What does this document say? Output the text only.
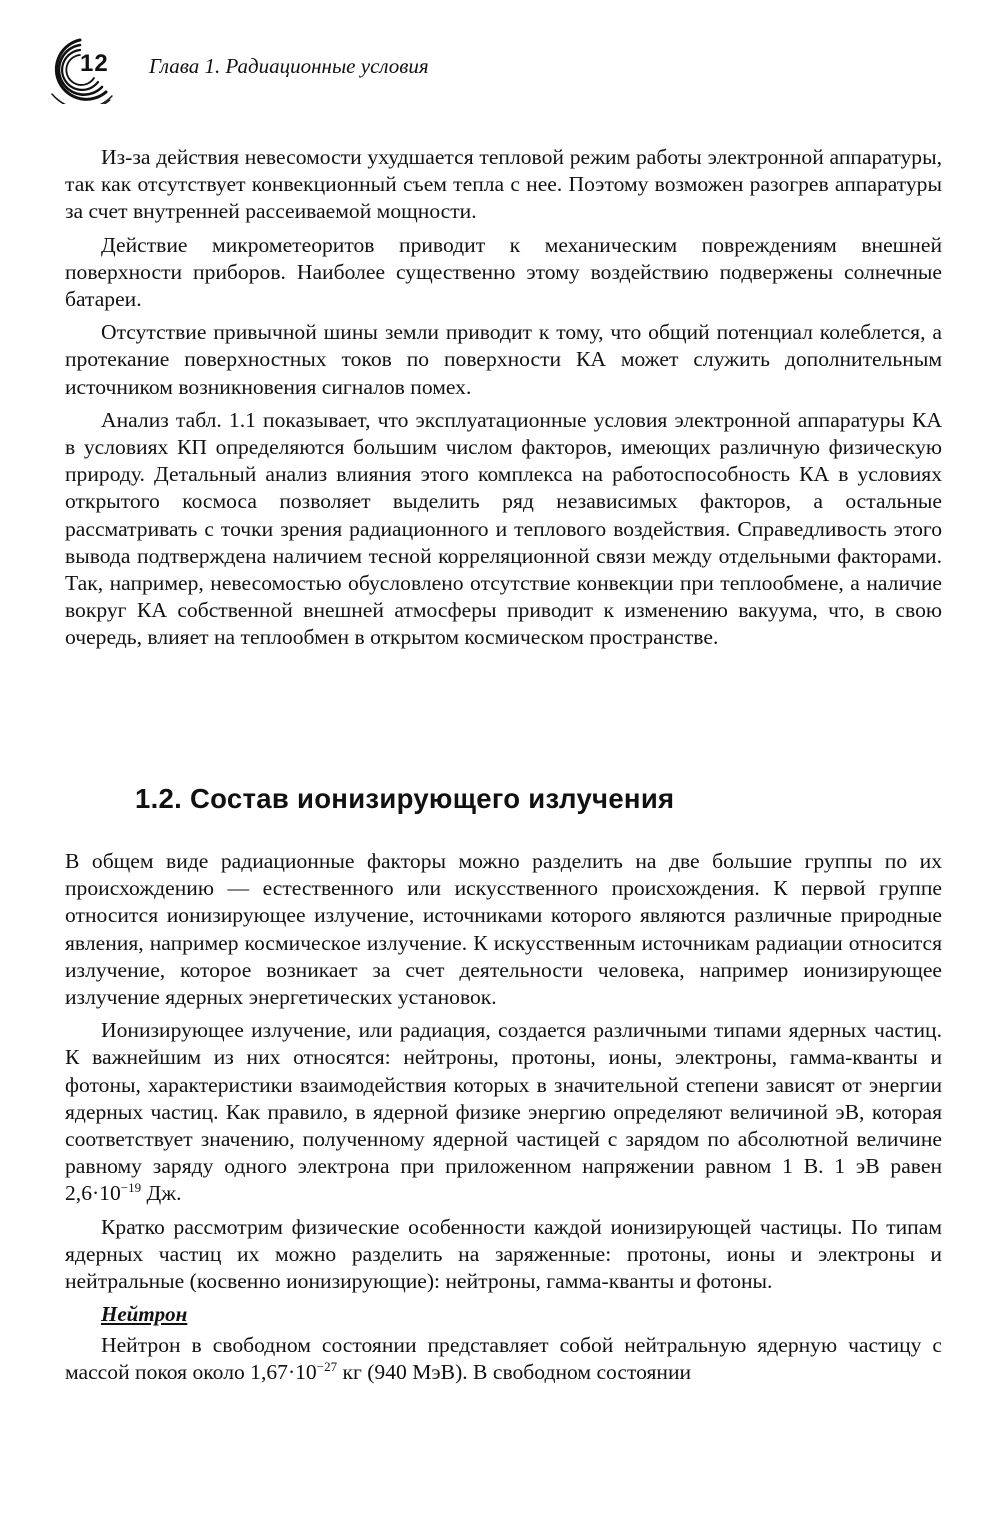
12 Глава 1. Радиационные условия

Из-за действия невесомости ухудшается тепловой режим работы электронной аппаратуры, так как отсутствует конвекционный съем тепла с нее. Поэтому возможен разогрев аппаратуры за счет внутренней рассеиваемой мощности.

Действие микрометеоритов приводит к механическим повреждениям внешней поверхности приборов. Наиболее существенно этому воздействию подвержены солнечные батареи.

Отсутствие привычной шины земли приводит к тому, что общий потенциал колеблется, а протекание поверхностных токов по поверхности КА может служить дополнительным источником возникновения сигналов помех.

Анализ табл. 1.1 показывает, что эксплуатационные условия электронной аппаратуры КА в условиях КП определяются большим числом факторов, имеющих различную физическую природу. Детальный анализ влияния этого комплекса на работоспособность КА в условиях открытого космоса позволяет выделить ряд независимых факторов, а остальные рассматривать с точки зрения радиационного и теплового воздействия. Справедливость этого вывода подтверждена наличием тесной корреляционной связи между отдельными факторами. Так, например, невесомостью обусловлено отсутствие конвекции при теплообмене, а наличие вокруг КА собственной внешней атмосферы приводит к изменению вакуума, что, в свою очередь, влияет на теплообмен в открытом космическом пространстве.

1.2. Состав ионизирующего излучения

В общем виде радиационные факторы можно разделить на две большие группы по их происхождению — естественного или искусственного происхождения. К первой группе относится ионизирующее излучение, источниками которого являются различные природные явления, например космическое излучение. К искусственным источникам радиации относится излучение, которое возникает за счет деятельности человека, например ионизирующее излучение ядерных энергетических установок.

Ионизирующее излучение, или радиация, создается различными типами ядерных частиц. К важнейшим из них относятся: нейтроны, протоны, ионы, электроны, гамма-кванты и фотоны, характеристики взаимодействия которых в значительной степени зависят от энергии ядерных частиц. Как правило, в ядерной физике энергию определяют величиной эВ, которая соответствует значению, полученному ядерной частицей с зарядом по абсолютной величине равному заряду одного электрона при приложенном напряжении равном 1 В. 1 эВ равен $2,6\cdot 10^{-19}$ Дж.

Кратко рассмотрим физические особенности каждой ионизирующей частицы. По типам ядерных частиц их можно разделить на заряженные: протоны, ионы и электроны и нейтральные (косвенно ионизирующие): нейтроны, гамма-кванты и фотоны.

Нейтрон

Нейтрон в свободном состоянии представляет собой нейтральную ядерную частицу с массой покоя около $1,67\cdot 10^{-27}$ кг (940 МэВ). В свободном состоянии
